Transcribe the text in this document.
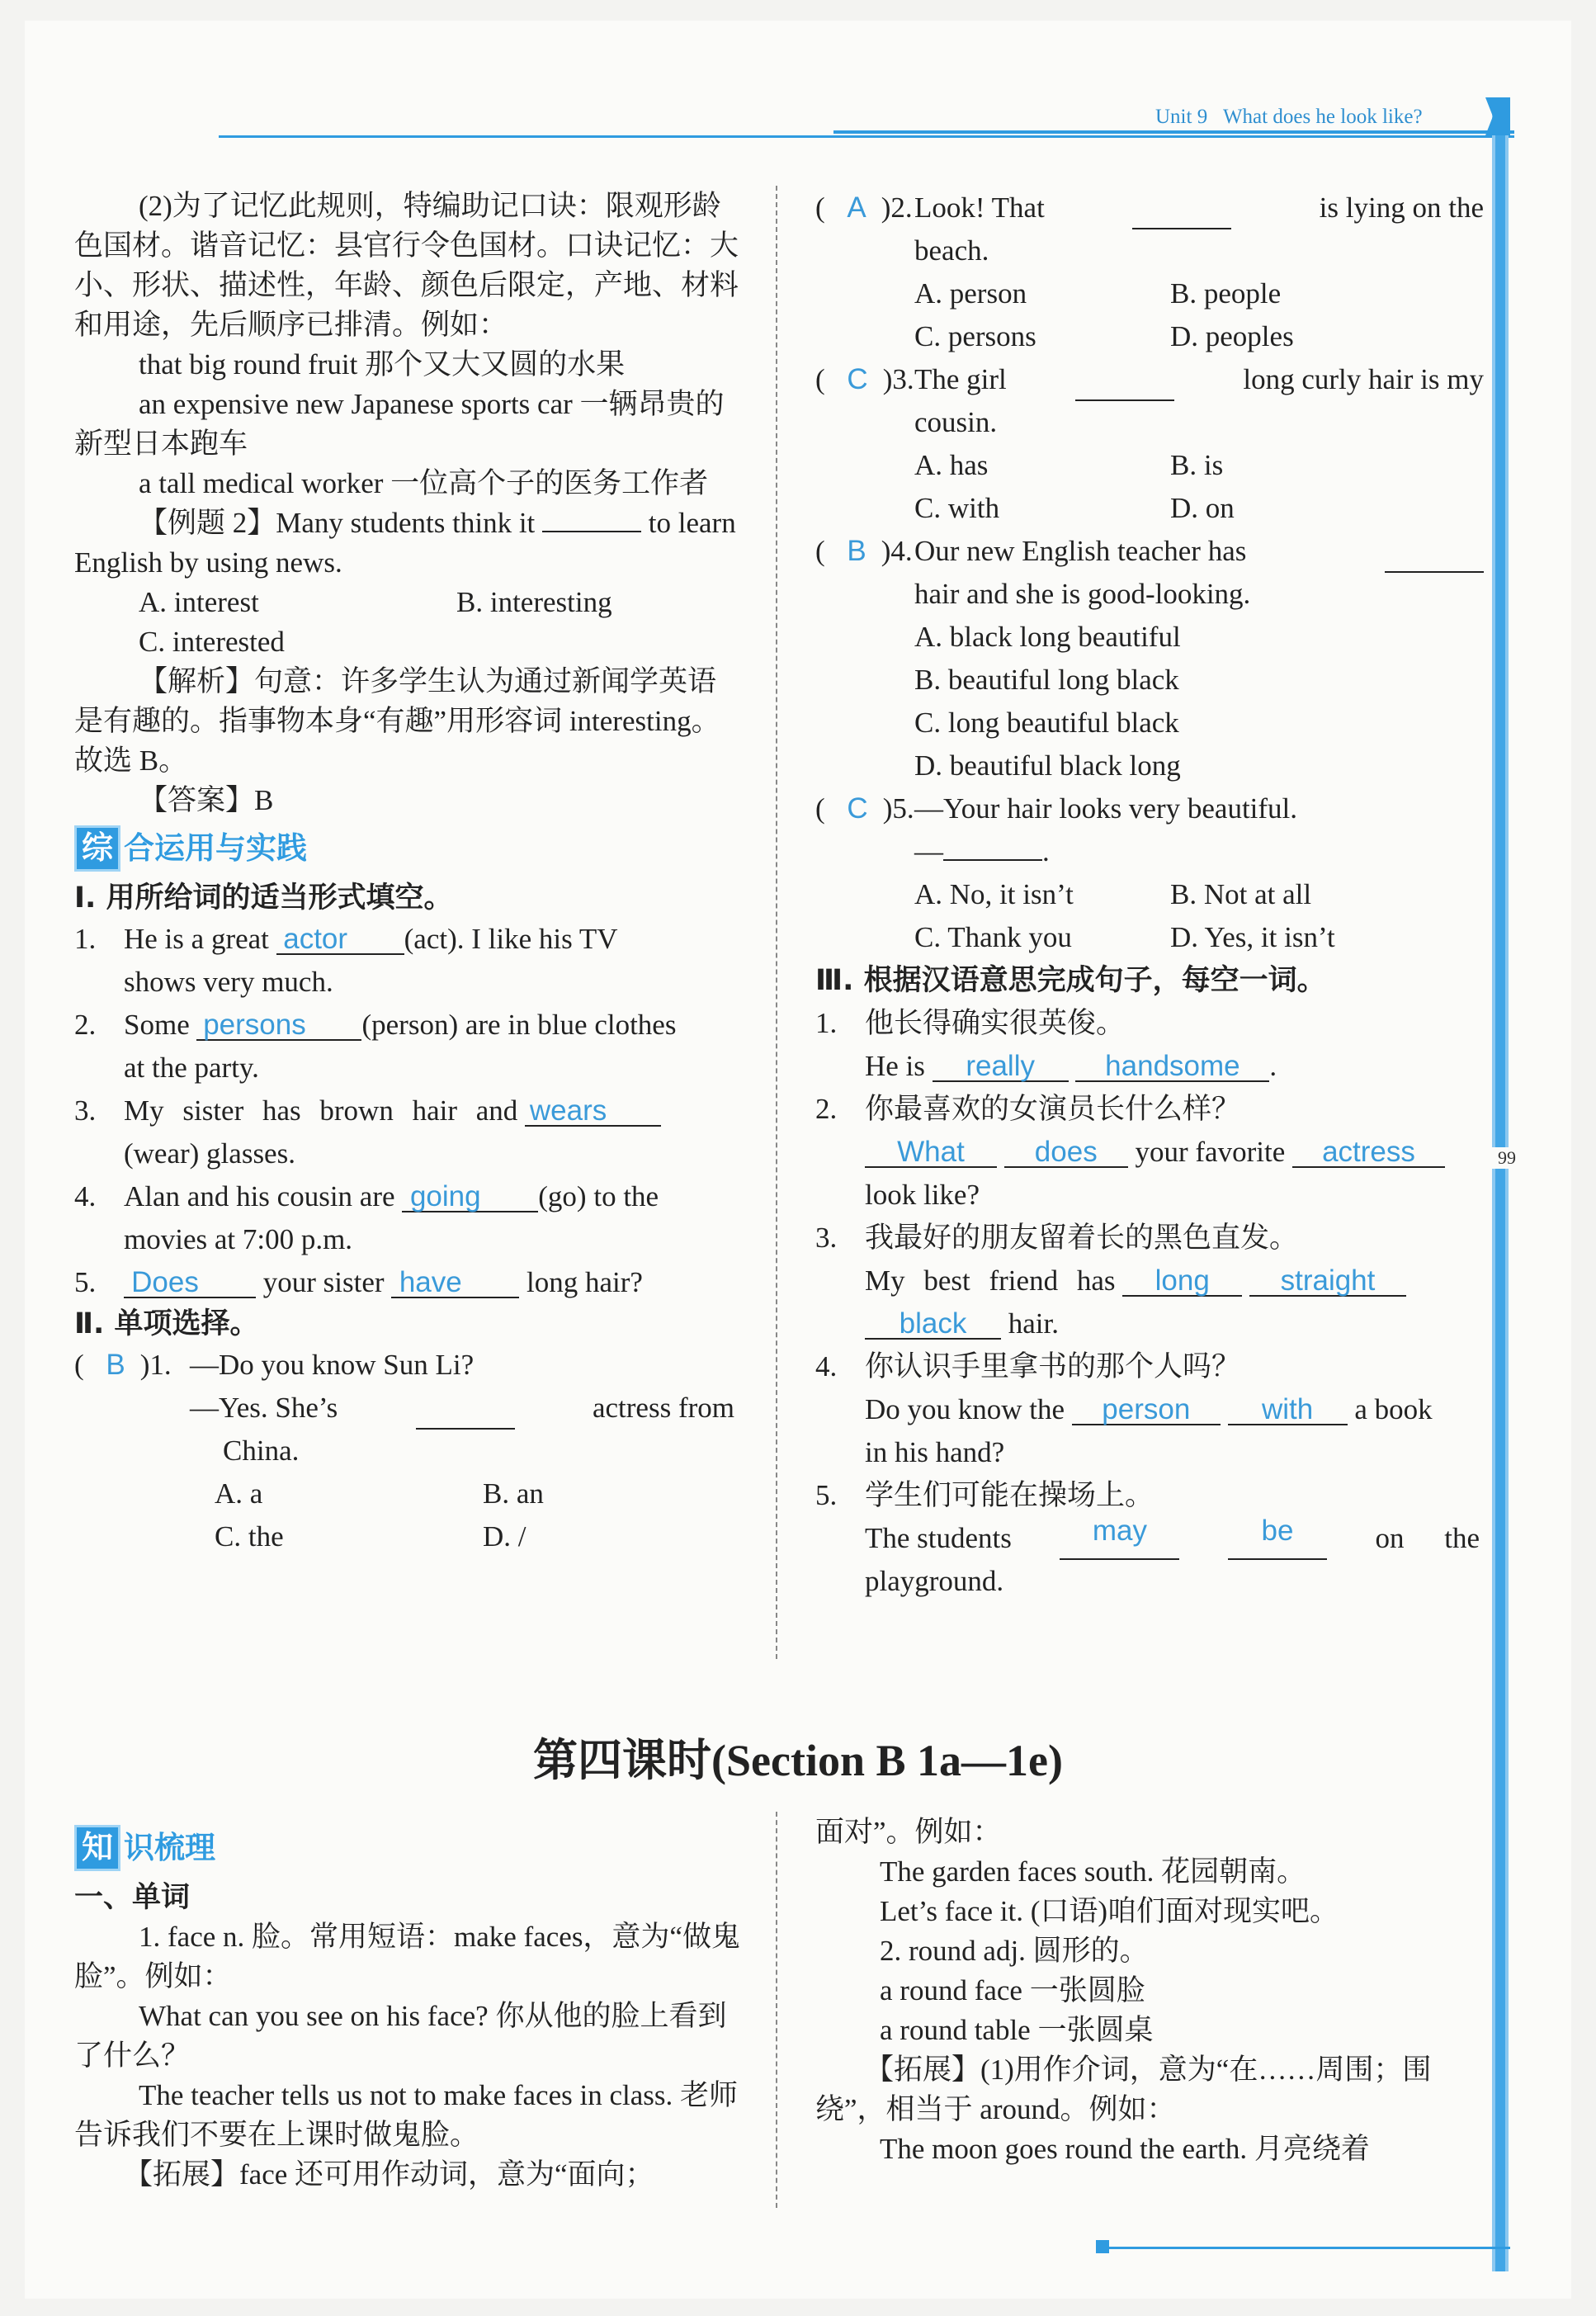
Unit 9 What does he look like?
99

(2)为了记忆此规则，特编助记口诀：限观形龄色国材。谐音记忆：县官行令色国材。口诀记忆：大小、形状、描述性，年龄、颜色后限定，产地、材料和用途，先后顺序已排清。例如：

that big round fruit 那个又大又圆的水果

an expensive new Japanese sports car 一辆昂贵的新型日本跑车

a tall medical worker 一位高个子的医务工作者

【例题 2】Many students think it	to learn English by using news.

A. interest	B. interesting

C. interested

【解析】句意：许多学生认为通过新闻学英语是有趣的。指事物本身“有趣”用形容词 interesting。故选 B。

【答案】B

综 合运用与实践

Ⅰ. 用所给词的适当形式填空。

1. He is a great actor (act). I like his TV

shows very much.

2. Some persons (person) are in blue clothes

at the party.

3. My sister has brown hair and wears

(wear) glasses.

4. Alan and his cousin are going (go) to the

movies at 7:00 p.m.

5. Does your sister have long hair?

Ⅱ. 单项选择。

( B )1. —Do you know Sun Li?

—Yes. She’s	actress from

China.

A. a	B. an

C. the	D. /

( A )2. Look! That	is lying on the

beach.

A. person	B. people

C. persons	D. peoples

( C )3. The girl	long curly hair is my

cousin.

A. has	B. is

C. with	D. on

( B )4. Our new English teacher has

hair and she is good-looking.

A. black long beautiful

B. beautiful long black

C. long beautiful black

D. beautiful black long

( C )5. —Your hair looks very beautiful.

—	.

A. No, it isn’t	B. Not at all

C. Thank you	D. Yes, it isn’t

Ⅲ. 根据汉语意思完成句子，每空一词。

1. 他长得确实很英俊。

He is really handsome .

2. 你最喜欢的女演员长什么样？

What does your favorite actress

look like?

3. 我最好的朋友留着长的黑色直发。

My best friend has long straight

black hair.

4. 你认识手里拿书的那个人吗？

Do you know the person with a book

in his hand?

5. 学生们可能在操场上。

The students	may	be	on the

playground.

第四课时(Section B 1a—1e)
知 识梳理

一、单词

1. face n. 脸。常用短语：make faces，意为“做鬼脸”。例如：

What can you see on his face? 你从他的脸上看到了什么？

The teacher tells us not to make faces in class. 老师告诉我们不要在上课时做鬼脸。

【拓展】face 还可用作动词，意为“面向；

面对”。例如：

The garden faces south. 花园朝南。

Let’s face it. (口语)咱们面对现实吧。

2. round adj. 圆形的。

a round face 一张圆脸

a round table 一张圆桌

【拓展】(1)用作介词，意为“在……周围；围绕”，相当于 around。例如：

The moon goes round the earth. 月亮绕着
